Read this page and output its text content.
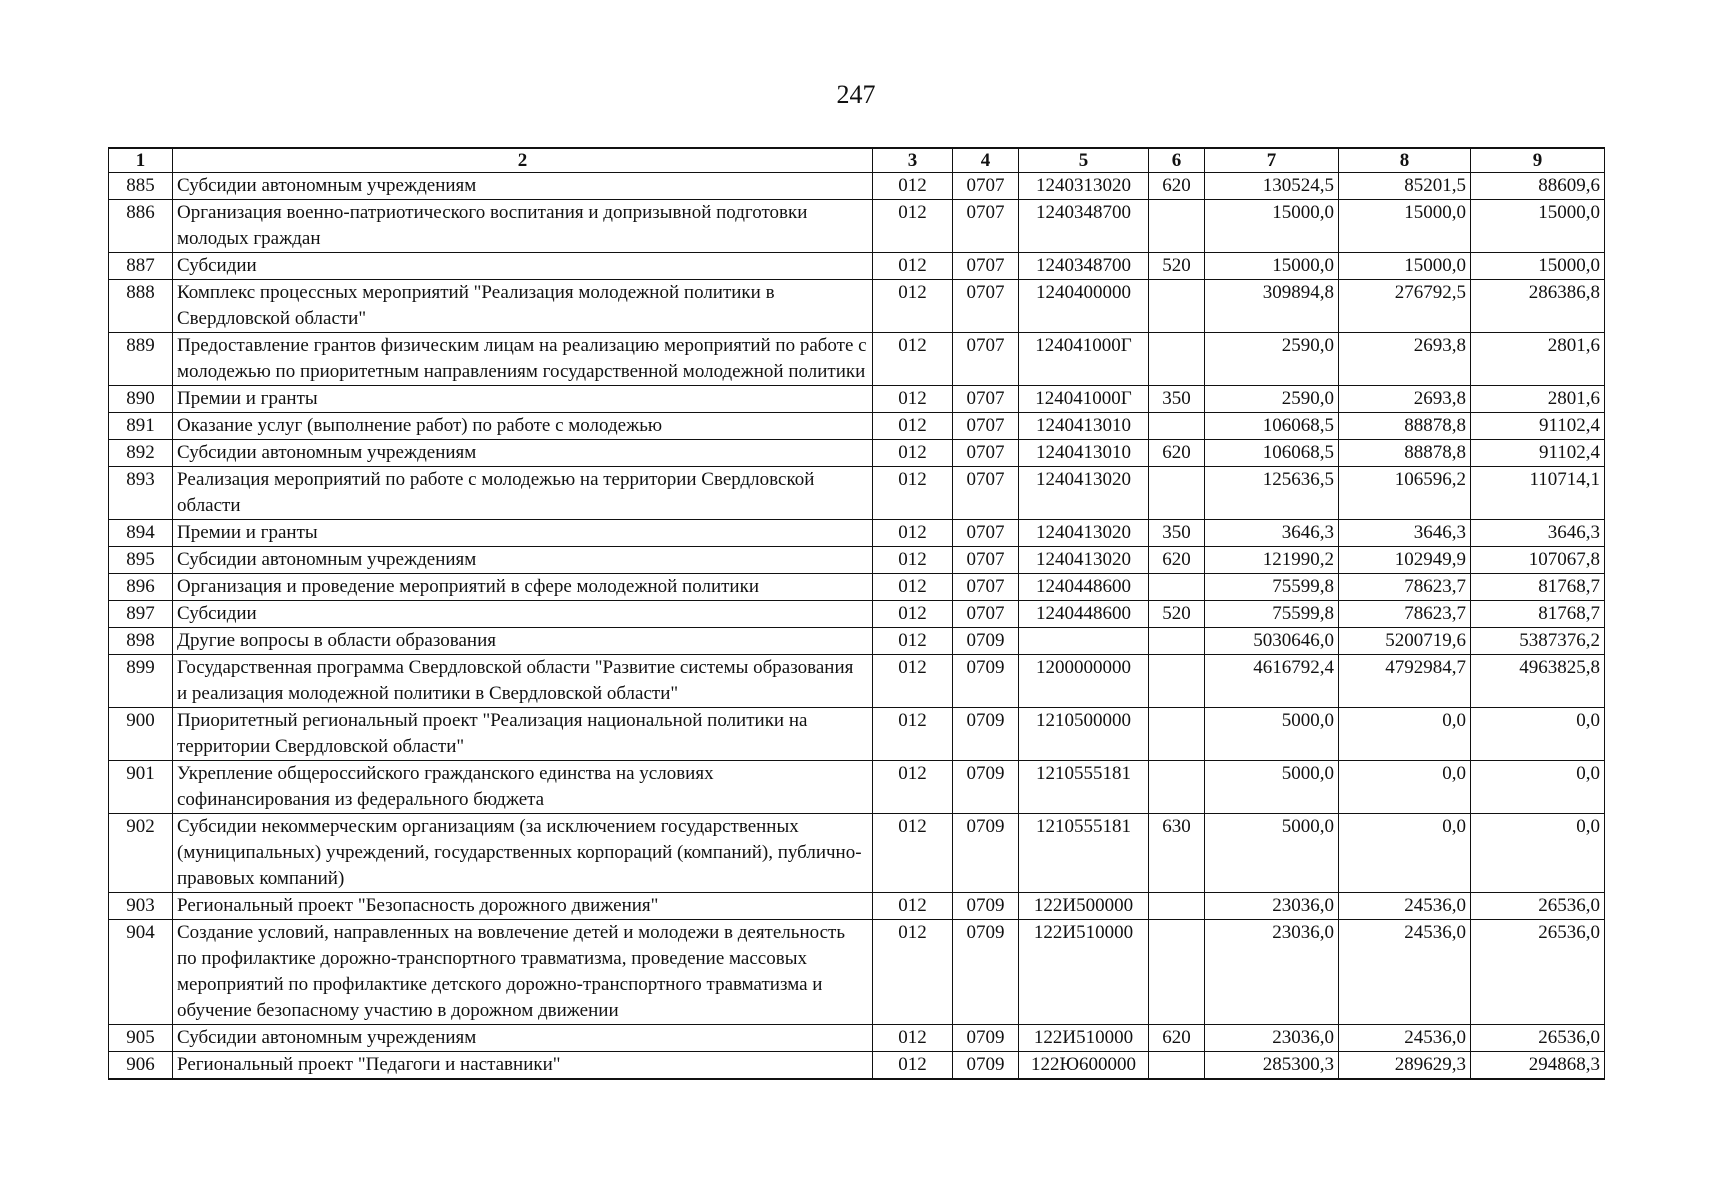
247
1	2	3	4	5	6	7	8	9
885	Субсидии автономным учреждениям	012	0707	1240313020	620	130524,5	85201,5	88609,6
886	Организация военно-патриотического воспитания и допризывной подготовки молодых граждан	012	0707	1240348700		15000,0	15000,0	15000,0
887	Субсидии	012	0707	1240348700	520	15000,0	15000,0	15000,0
888	Комплекс процессных мероприятий "Реализация молодежной политики в Свердловской области"	012	0707	1240400000		309894,8	276792,5	286386,8
889	Предоставление грантов физическим лицам на реализацию мероприятий по работе с молодежью по приоритетным направлениям государственной молодежной политики	012	0707	124041000Г		2590,0	2693,8	2801,6
890	Премии и гранты	012	0707	124041000Г	350	2590,0	2693,8	2801,6
891	Оказание услуг (выполнение работ) по работе с молодежью	012	0707	1240413010		106068,5	88878,8	91102,4
892	Субсидии автономным учреждениям	012	0707	1240413010	620	106068,5	88878,8	91102,4
893	Реализация мероприятий по работе с молодежью на территории Свердловской области	012	0707	1240413020		125636,5	106596,2	110714,1
894	Премии и гранты	012	0707	1240413020	350	3646,3	3646,3	3646,3
895	Субсидии автономным учреждениям	012	0707	1240413020	620	121990,2	102949,9	107067,8
896	Организация и проведение мероприятий в сфере молодежной политики	012	0707	1240448600		75599,8	78623,7	81768,7
897	Субсидии	012	0707	1240448600	520	75599,8	78623,7	81768,7
898	Другие вопросы в области образования	012	0709			5030646,0	5200719,6	5387376,2
899	Государственная программа Свердловской области "Развитие системы образования и реализация молодежной политики в Свердловской области"	012	0709	1200000000		4616792,4	4792984,7	4963825,8
900	Приоритетный региональный проект "Реализация национальной политики на территории Свердловской области"	012	0709	1210500000		5000,0	0,0	0,0
901	Укрепление общероссийского гражданского единства на условиях софинансирования из федерального бюджета	012	0709	1210555181		5000,0	0,0	0,0
902	Субсидии некоммерческим организациям (за исключением государственных (муниципальных) учреждений, государственных корпораций (компаний), публично-правовых компаний)	012	0709	1210555181	630	5000,0	0,0	0,0
903	Региональный проект "Безопасность дорожного движения"	012	0709	122И500000		23036,0	24536,0	26536,0
904	Создание условий, направленных на вовлечение детей и молодежи в деятельность по профилактике дорожно-транспортного травматизма, проведение массовых мероприятий по профилактике детского дорожно-транспортного травматизма и обучение безопасному участию в дорожном движении	012	0709	122И510000		23036,0	24536,0	26536,0
905	Субсидии автономным учреждениям	012	0709	122И510000	620	23036,0	24536,0	26536,0
906	Региональный проект "Педагоги и наставники"	012	0709	122Ю600000		285300,3	289629,3	294868,3
